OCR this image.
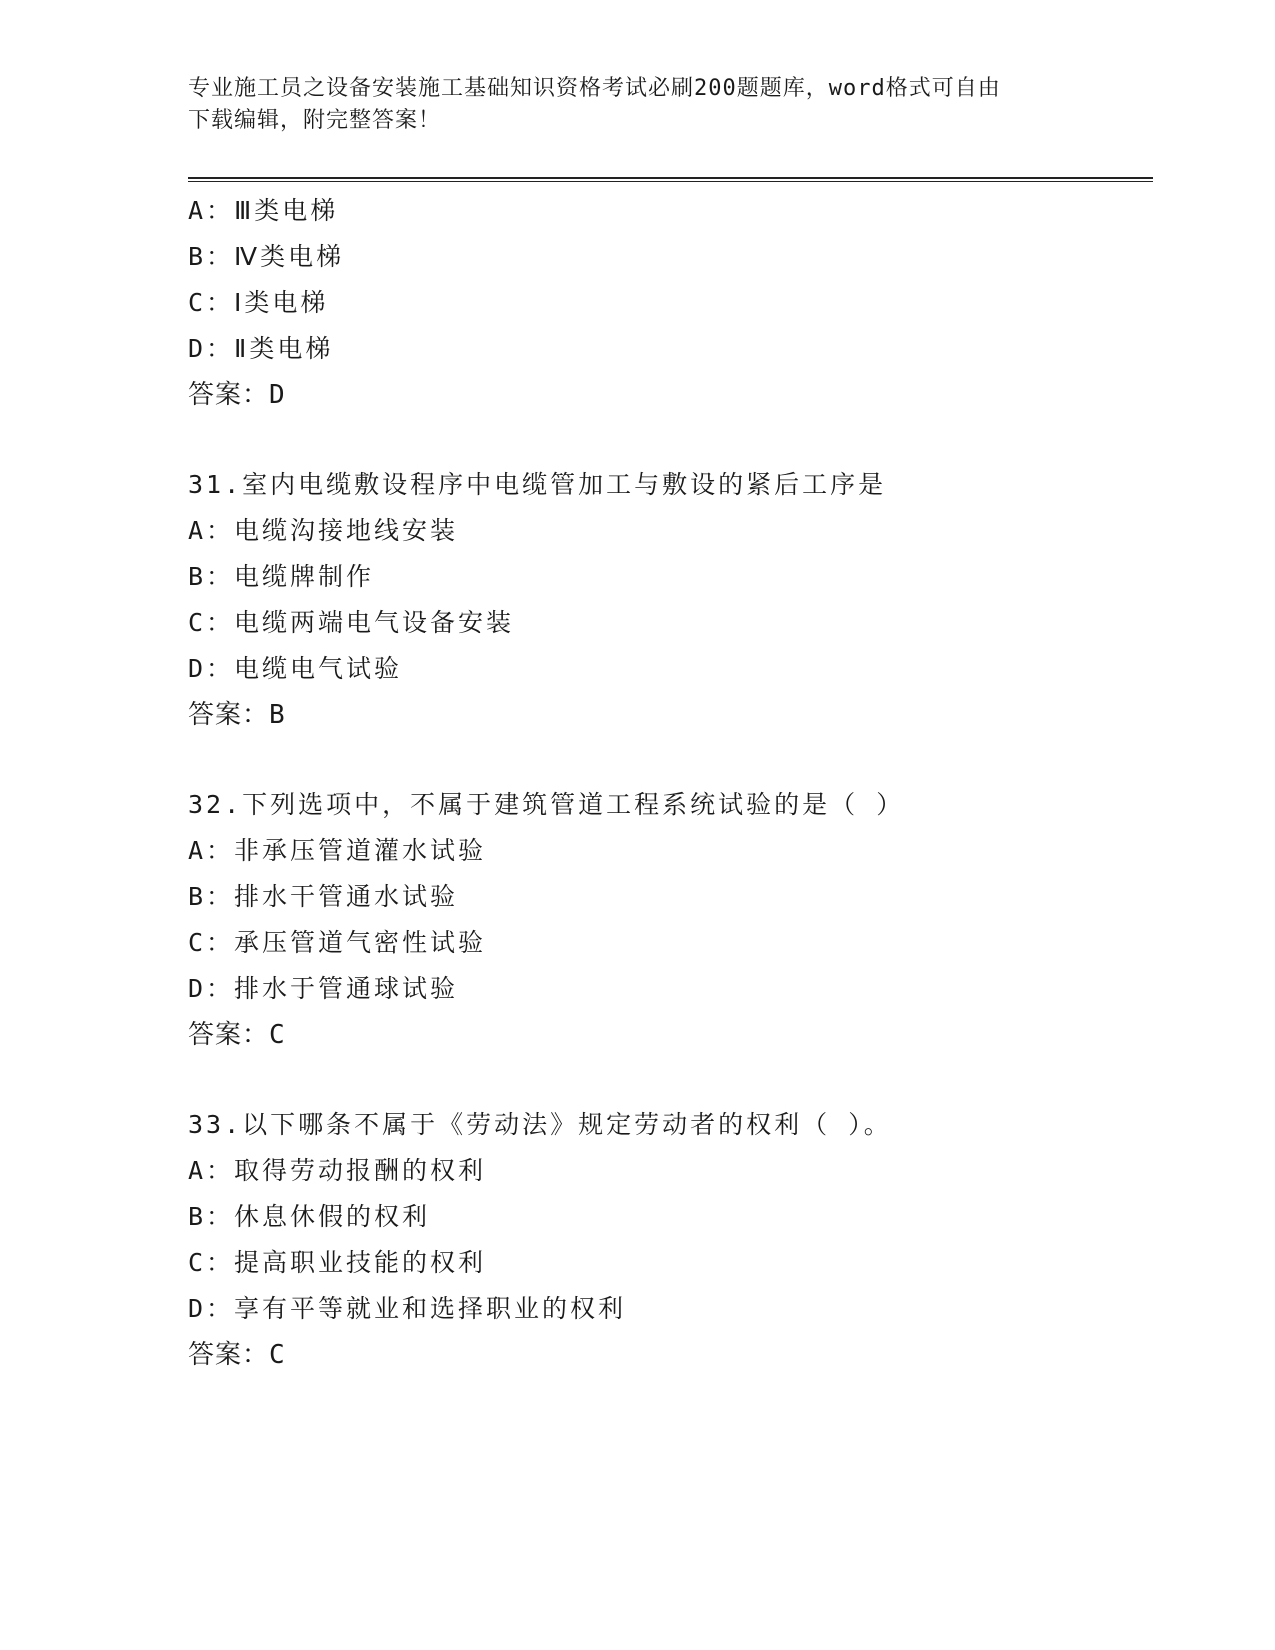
专业施工员之设备安装施工基础知识资格考试必刷200题题库，word格式可自由
下载编辑，附完整答案！
A：Ⅲ类电梯
B：Ⅳ类电梯
C：Ⅰ类电梯
D：Ⅱ类电梯
答案：D
31.室内电缆敷设程序中电缆管加工与敷设的紧后工序是
A：电缆沟接地线安装
B：电缆牌制作
C：电缆两端电气设备安装
D：电缆电气试验
答案：B
32.下列选项中，不属于建筑管道工程系统试验的是（ ）
A：非承压管道灌水试验
B：排水干管通水试验
C：承压管道气密性试验
D：排水于管通球试验
答案：C
33.以下哪条不属于《劳动法》规定劳动者的权利（ ）。
A：取得劳动报酬的权利
B：休息休假的权利
C：提高职业技能的权利
D：享有平等就业和选择职业的权利
答案：C
